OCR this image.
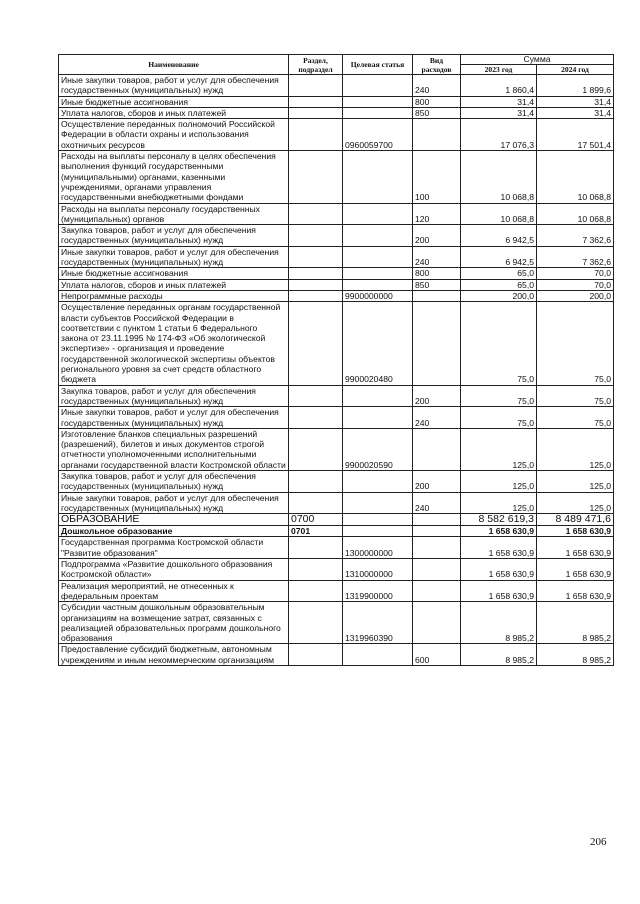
Наименование	Раздел, подраздел	Целевая статья	Вид расходов	Сумма	
				2023 год	2024 год
Иные закупки товаров, работ и услуг для обеспечения государственных (муниципальных) нужд			240	1 860,4	1 899,6
Иные бюджетные ассигнования			800	31,4	31,4
Уплата налогов, сборов и иных платежей			850	31,4	31,4
Осуществление переданных полномочий Российской Федерации в области охраны и использования охотничьих ресурсов		0960059700		17 076,3	17 501,4
Расходы на выплаты персоналу в целях обеспечения выполнения функций государственными (муниципальными) органами, казенными учреждениями, органами управления государственными внебюджетными фондами			100	10 068,8	10 068,8
Расходы на выплаты персоналу государственных (муниципальных) органов			120	10 068,8	10 068,8
Закупка товаров, работ и услуг для обеспечения государственных (муниципальных) нужд			200	6 942,5	7 362,6
Иные закупки товаров, работ и услуг для обеспечения государственных (муниципальных) нужд			240	6 942,5	7 362,6
Иные бюджетные ассигнования			800	65,0	70,0
Уплата налогов, сборов и иных платежей			850	65,0	70,0
Непрограммные расходы		9900000000		200,0	200,0
Осуществление переданных органам государственной власти субъектов Российской Федерации в соответствии с пунктом 1 статьи 6 Федерального закона от 23.11.1995 № 174-ФЗ «Об экологической экспертизе» - организация и проведение государственной экологической экспертизы объектов регионального уровня за счет средств областного бюджета		9900020480		75,0	75,0
Закупка товаров, работ и услуг для обеспечения государственных (муниципальных) нужд			200	75,0	75,0
Иные закупки товаров, работ и услуг для обеспечения государственных (муниципальных) нужд			240	75,0	75,0
Изготовление бланков специальных разрешений (разрешений), билетов и иных документов строгой отчетности уполномоченными исполнительными органами государственной власти Костромской области		9900020590		125,0	125,0
Закупка товаров, работ и услуг для обеспечения государственных (муниципальных) нужд			200	125,0	125,0
Иные закупки товаров, работ и услуг для обеспечения государственных (муниципальных) нужд			240	125,0	125,0
ОБРАЗОВАНИЕ	0700			8 582 619,3	8 489 471,6
Дошкольное образование	0701			1 658 630,9	1 658 630,9
Государственная программа Костромской области "Развитие образования"		1300000000		1 658 630,9	1 658 630,9
Подпрограмма «Развитие дошкольного образования Костромской области»		1310000000		1 658 630,9	1 658 630,9
Реализация мероприятий, не отнесенных к федеральным проектам		1319900000		1 658 630,9	1 658 630,9
Субсидии частным дошкольным образовательным организациям на возмещение затрат, связанных с реализацией образовательных программ дошкольного образования		1319960390		8 985,2	8 985,2
Предоставление субсидий бюджетным, автономным учреждениям и иным некоммерческим организациям			600	8 985,2	8 985,2
206
